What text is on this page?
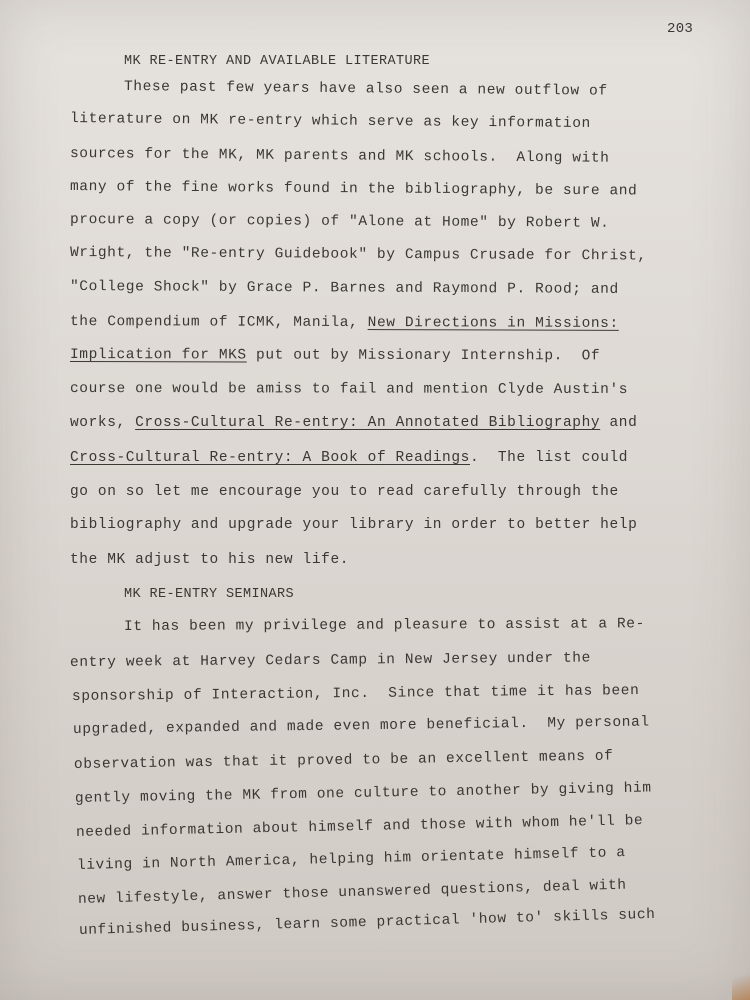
203
MK RE-ENTRY AND AVAILABLE LITERATURE
These past few years have also seen a new outflow of
literature on MK re-entry which serve as key information
sources for the MK, MK parents and MK schools.  Along with
many of the fine works found in the bibliography, be sure and
procure a copy (or copies) of "Alone at Home" by Robert W.
Wright, the "Re-entry Guidebook" by Campus Crusade for Christ,
"College Shock" by Grace P. Barnes and Raymond P. Rood; and
the Compendium of ICMK, Manila, New Directions in Missions:
Implication for MKS put out by Missionary Internship.  Of
course one would be amiss to fail and mention Clyde Austin's
works, Cross-Cultural Re-entry: An Annotated Bibliography and
Cross-Cultural Re-entry: A Book of Readings.  The list could
go on so let me encourage you to read carefully through the
bibliography and upgrade your library in order to better help
the MK adjust to his new life.
MK RE-ENTRY SEMINARS
It has been my privilege and pleasure to assist at a Re-
entry week at Harvey Cedars Camp in New Jersey under the
sponsorship of Interaction, Inc.  Since that time it has been
upgraded, expanded and made even more beneficial.  My personal
observation was that it proved to be an excellent means of
gently moving the MK from one culture to another by giving him
needed information about himself and those with whom he'll be
living in North America, helping him orientate himself to a
new lifestyle, answer those unanswered questions, deal with
unfinished business, learn some practical 'how to' skills such
